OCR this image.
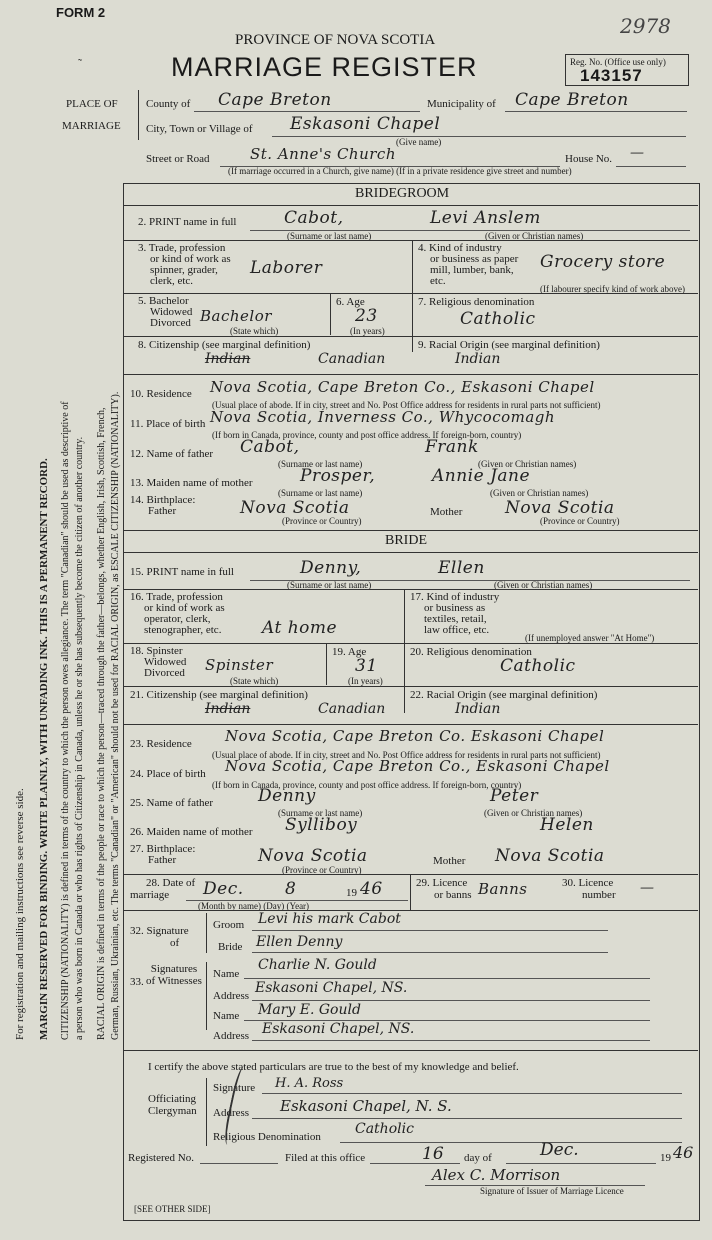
FORM 2
2978
PROVINCE OF NOVA SCOTIA
MARRIAGE REGISTER	Reg. No. (Office use only)
143157
˜
PLACE OF
MARRIAGE
County of Cape Breton	Municipality of Cape Breton
City, Town or Village of Eskasoni Chapel
(Give name)
Street or Road	St. Anne's Church	House No. —
(If marriage occurred in a Church, give name) (If in a private residence give street and number)
For registration and mailing instructions see reverse side. MARGIN RESERVED FOR BINDING. WRITE PLAINLY, WITH UNFADING INK. THIS IS A PERMANENT RECORD. CITIZENSHIP (NATIONALITY) is defined in terms of the country to which the person owes allegiance. The term "Canadian" should be used as descriptive of a person who was born in Canada or who has rights of Citizenship in Canada, unless he or she has subsequently become the citizen of another country. RACIAL ORIGIN is defined in terms of the people or race to which the person—traced through the father—belongs, whether English, Irish, Scottish, French, German, Russian, Ukrainian, etc. The terms "Canadian" or "American" should not be used for RACIAL ORIGIN, as ESCALE CITIZENSHIP (NATIONALITY).
BRIDEGROOM
2. PRINT name in full	Cabot,	Levi Anslem
(Surname or last name)	(Given or Christian names)
3. Trade, profession
or kind of work as
spinner, grader,
clerk, etc.
Laborer
4. Kind of industry
or business as paper
mill, lumber, bank,
etc.
Grocery store
(If labourer specify kind of work above)
5. Bachelor
Widowed
Divorced Bachelor
(State which)
6. Age
23
(In years)
7. Religious denomination
Catholic
8. Citizenship (see marginal definition)
Indian	Canadian
9. Racial Origin (see marginal definition)
Indian
10. Residence Nova Scotia, Cape Breton Co., Eskasoni Chapel
(Usual place of abode. If in city, street and No. Post Office address for residents in rural parts not sufficient)
11. Place of birth Nova Scotia, Inverness Co., Whycocomagh
(If born in Canada, province, county and post office address. If foreign-born, country)
12. Name of father Cabot,	Frank
(Surname or last name)	(Given or Christian names)
13. Maiden name of mother	Prosper,	Annie Jane
(Surname or last name)	(Given or Christian names)
14. Birthplace:
Father	Nova Scotia	Mother	Nova Scotia
(Province or Country)	(Province or Country)
BRIDE
15. PRINT name in full	Denny,	Ellen
(Surname or last name)	(Given or Christian names)
16. Trade, profession
or kind of work as
operator, clerk,
stenographer, etc. At home
17. Kind of industry
or business as
textiles, retail,
law office, etc.
(If unemployed answer "At Home")
18. Spinster
Widowed
Divorced Spinster
(State which)
19. Age
31
(In years)
20. Religious denomination
Catholic
21. Citizenship (see marginal definition)
Indian	Canadian
22. Racial Origin (see marginal definition)
Indian
23. Residence Nova Scotia, Cape Breton Co. Eskasoni Chapel
(Usual place of abode. If in city, street and No. Post Office address for residents in rural parts not sufficient)
24. Place of birth Nova Scotia, Cape Breton Co., Eskasoni Chapel
(If born in Canada, province, county and post office address. If foreign-born, country)
25. Name of father	Denny	Peter
(Surname or last name)	(Given or Christian names)
26. Maiden name of mother Sylliboy	Helen
27. Birthplace:
Father	Nova Scotia	Mother Nova Scotia
(Province or Country)
28. Date of
marriage	Dec. 8	19 46
(Month by name) (Day) (Year)
29. Licence
or banns Banns	30. Licence
number —
32. Signature
of
Groom Levi his mark Cabot
Bride Ellen Denny
Signatures
of Witnesses
33.
Name
Charlie N. Gould
Address Eskasoni Chapel, NS.
Name Mary E. Gould
Address Eskasoni Chapel, NS.
I certify the above stated particulars are true to the best of my knowledge and belief.
Officiating
Clergyman
Signature H. A. Ross
Address Eskasoni Chapel, N. S.
Religious Denomination Catholic
Registered No.	Filed at this office	16 day of	Dec.	19 46
Alex C. Morrison
Signature of Issuer of Marriage Licence
[SEE OTHER SIDE]
